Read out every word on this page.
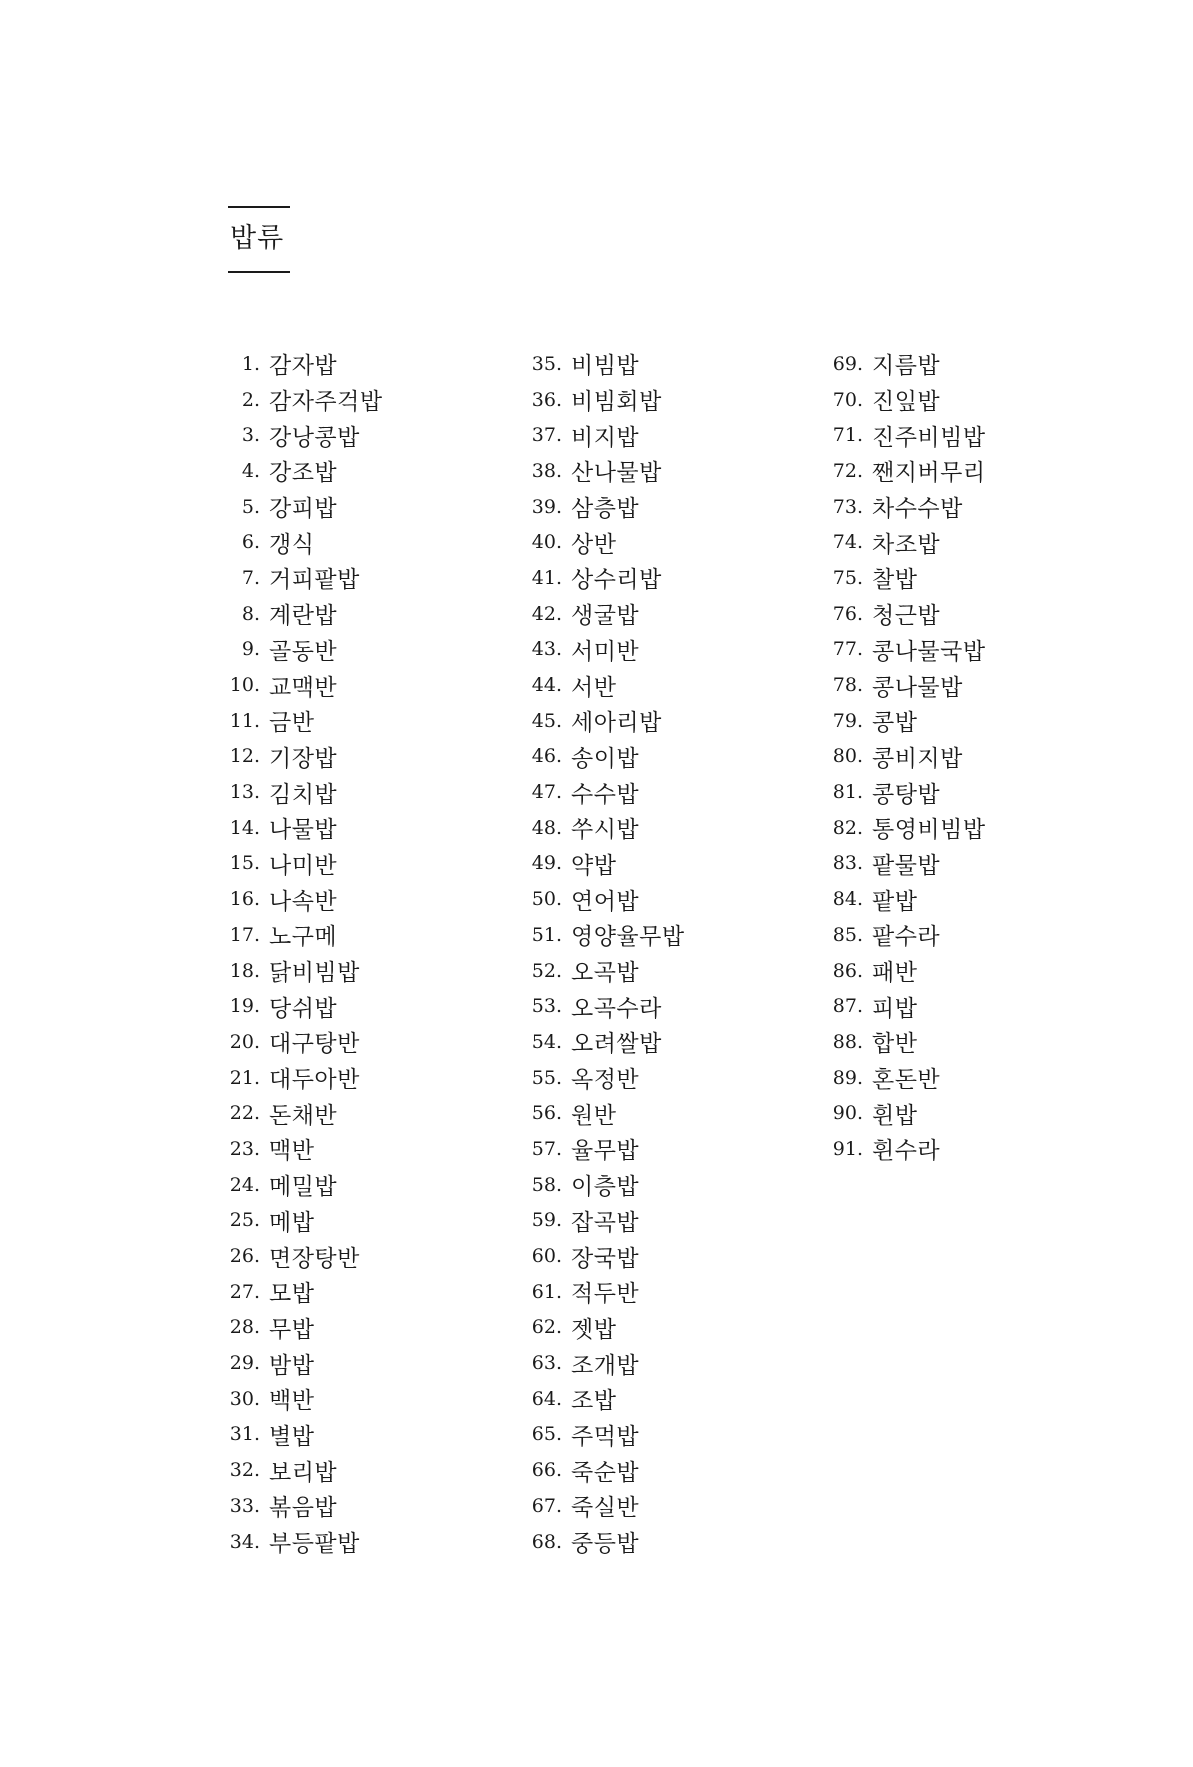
밥류
1. 감자밥
2. 감자주걱밥
3. 강낭콩밥
4. 강조밥
5. 강피밥
6. 갱식
7. 거피팥밥
8. 계란밥
9. 골동반
10. 교맥반
11. 금반
12. 기장밥
13. 김치밥
14. 나물밥
15. 나미반
16. 나속반
17. 노구메
18. 닭비빔밥
19. 당쉬밥
20. 대구탕반
21. 대두아반
22. 돈채반
23. 맥반
24. 메밀밥
25. 메밥
26. 면장탕반
27. 모밥
28. 무밥
29. 밤밥
30. 백반
31. 별밥
32. 보리밥
33. 볶음밥
34. 부등팥밥
35. 비빔밥
36. 비빔회밥
37. 비지밥
38. 산나물밥
39. 삼층밥
40. 상반
41. 상수리밥
42. 생굴밥
43. 서미반
44. 서반
45. 세아리밥
46. 송이밥
47. 수수밥
48. 쑤시밥
49. 약밥
50. 연어밥
51. 영양율무밥
52. 오곡밥
53. 오곡수라
54. 오려쌀밥
55. 옥정반
56. 원반
57. 율무밥
58. 이층밥
59. 잡곡밥
60. 장국밥
61. 적두반
62. 젯밥
63. 조개밥
64. 조밥
65. 주먹밥
66. 죽순밥
67. 죽실반
68. 중등밥
69. 지름밥
70. 진잎밥
71. 진주비빔밥
72. 짼지버무리
73. 차수수밥
74. 차조밥
75. 찰밥
76. 청근밥
77. 콩나물국밥
78. 콩나물밥
79. 콩밥
80. 콩비지밥
81. 콩탕밥
82. 통영비빔밥
83. 팥물밥
84. 팥밥
85. 팥수라
86. 패반
87. 피밥
88. 합반
89. 혼돈반
90. 휜밥
91. 휜수라
